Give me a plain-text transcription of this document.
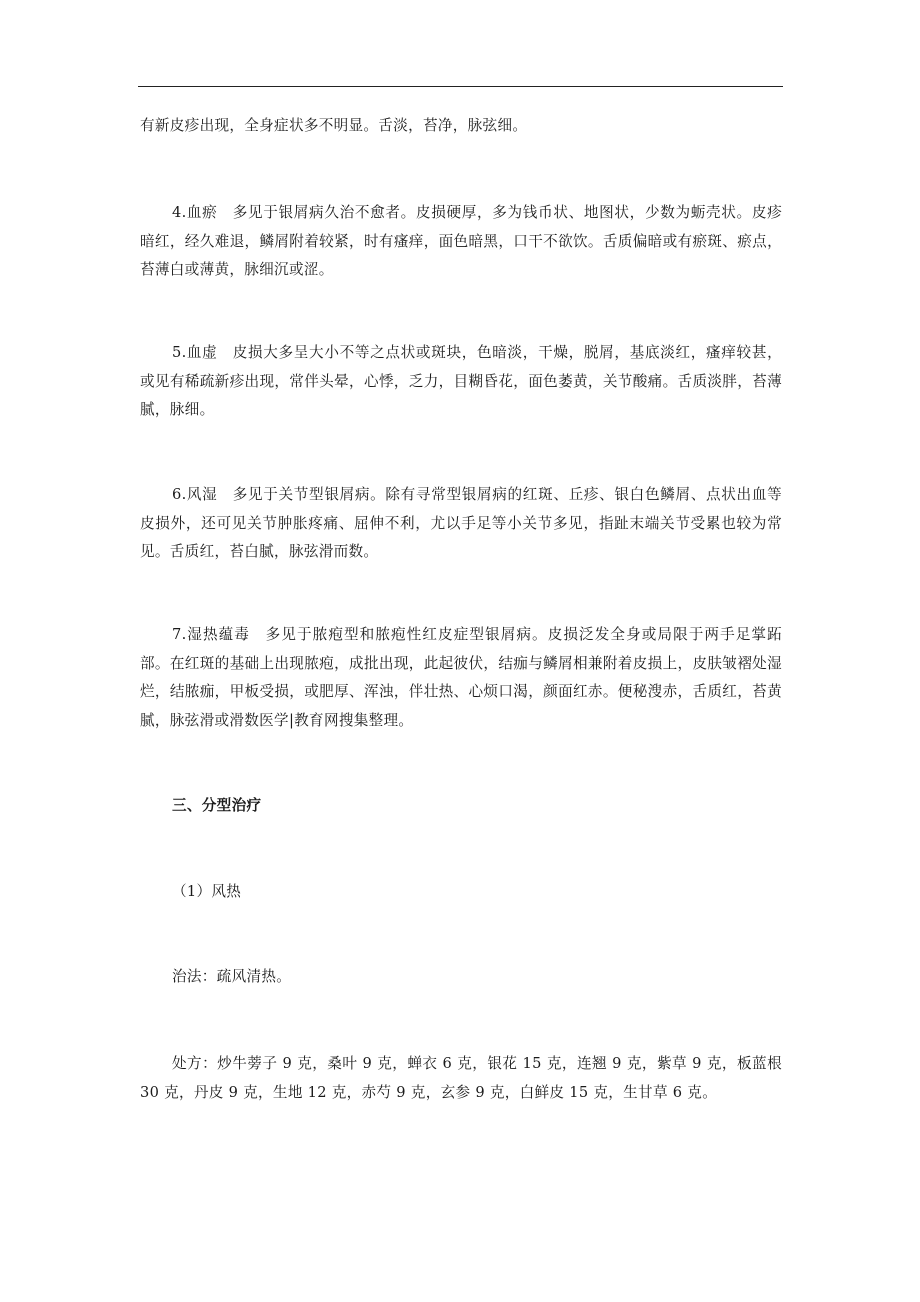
有新皮疹出现，全身症状多不明显。舌淡，苔净，脉弦细。

4.血瘀　多见于银屑病久治不愈者。皮损硬厚，多为钱币状、地图状，少数为蛎壳状。皮疹暗红，经久难退，鳞屑附着较紧，时有瘙痒，面色暗黑，口干不欲饮。舌质偏暗或有瘀斑、瘀点，苔薄白或薄黄，脉细沉或涩。

5.血虚　皮损大多呈大小不等之点状或斑块，色暗淡，干燥，脱屑，基底淡红，瘙痒较甚，或见有稀疏新疹出现，常伴头晕，心悸，乏力，目糊昏花，面色萎黄，关节酸痛。舌质淡胖，苔薄腻，脉细。

6.风湿　多见于关节型银屑病。除有寻常型银屑病的红斑、丘疹、银白色鳞屑、点状出血等皮损外，还可见关节肿胀疼痛、屈伸不利，尤以手足等小关节多见，指趾末端关节受累也较为常见。舌质红，苔白腻，脉弦滑而数。

7.湿热蕴毒　多见于脓疱型和脓疱性红皮症型银屑病。皮损泛发全身或局限于两手足掌跖部。在红斑的基础上出现脓疱，成批出现，此起彼伏，结痂与鳞屑相兼附着皮损上，皮肤皱褶处湿烂，结脓痂，甲板受损，或肥厚、浑浊，伴壮热、心烦口渴，颜面红赤。便秘溲赤，舌质红，苔黄腻，脉弦滑或滑数医学|教育网搜集整理。

三、分型治疗

（1）风热

治法：疏风清热。

处方：炒牛蒡子 9 克，桑叶 9 克，蝉衣 6 克，银花 15 克，连翘 9 克，紫草 9 克，板蓝根 30 克，丹皮 9 克，生地 12 克，赤芍 9 克，玄参 9 克，白鲜皮 15 克，生甘草 6 克。
